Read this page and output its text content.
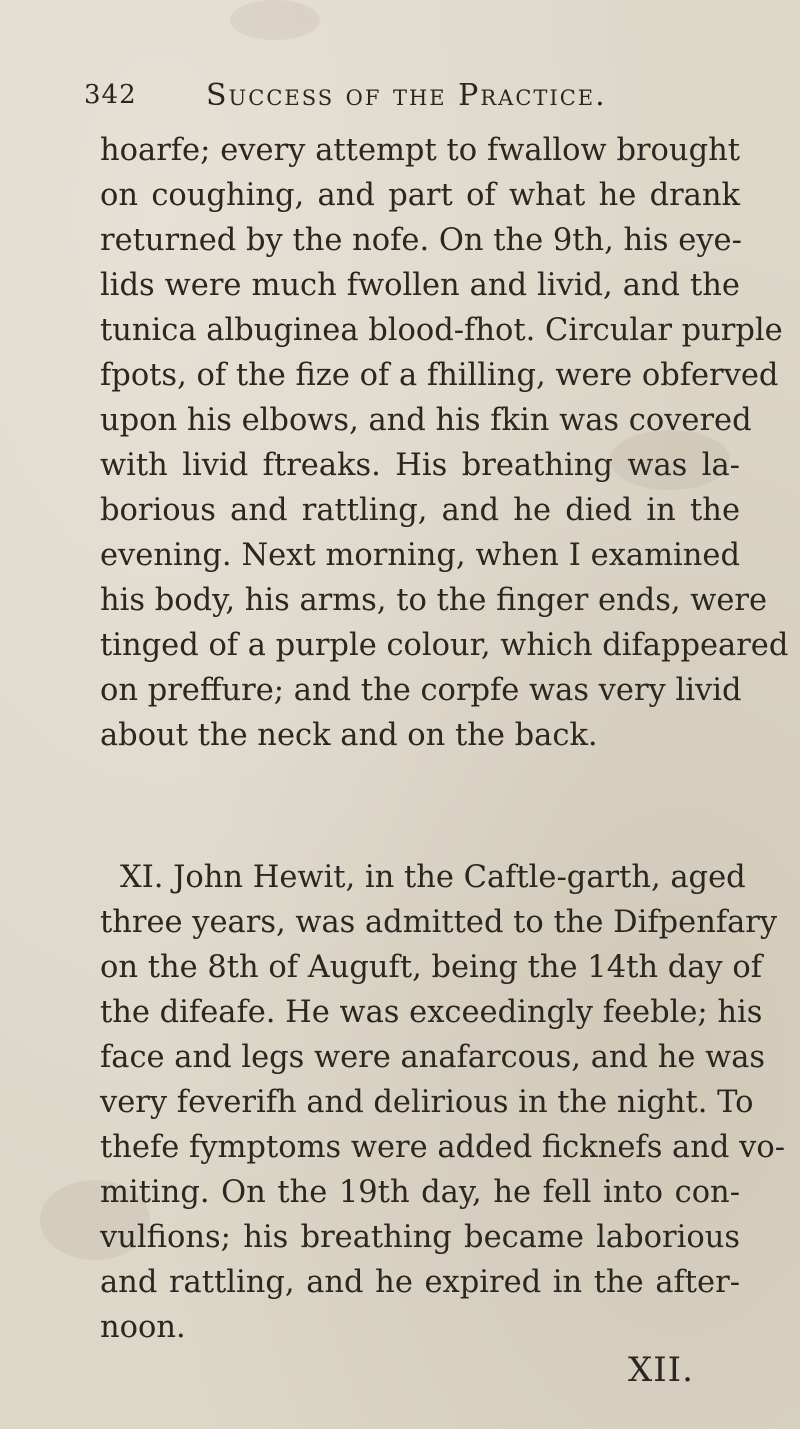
342 Success of the Practice.
hoarfe; every attempt to fwallow brought
on coughing, and part of what he drank
returned by the nofe. On the 9th, his eye-
lids were much fwollen and livid, and the
tunica albuginea blood-fhot. Circular purple
fpots, of the fize of a fhilling, were obferved
upon his elbows, and his fkin was covered
with livid ftreaks. His breathing was la-
borious and rattling, and he died in the
evening. Next morning, when I examined
his body, his arms, to the finger ends, were
tinged of a purple colour, which difappeared
on preffure; and the corpfe was very livid
about the neck and on the back.
XI. John Hewit, in the Caftle-garth, aged
three years, was admitted to the Difpenfary
on the 8th of Auguft, being the 14th day of
the difeafe. He was exceedingly feeble; his
face and legs were anafarcous, and he was
very feverifh and delirious in the night. To
thefe fymptoms were added ficknefs and vo-
miting. On the 19th day, he fell into con-
vulfions; his breathing became laborious
and rattling, and he expired in the after-
noon.
XII.
